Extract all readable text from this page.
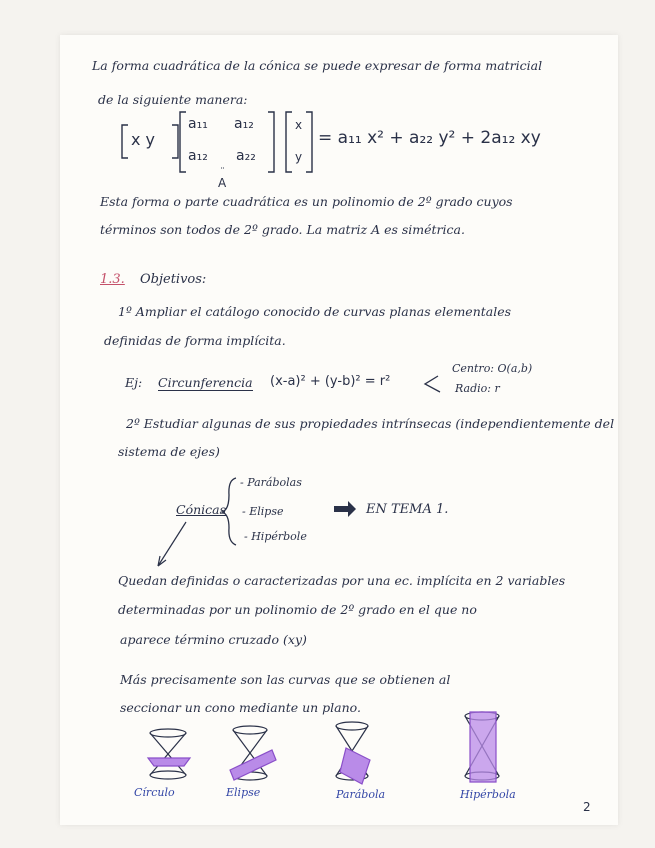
La forma cuadrática de la cónica se puede expresar de forma matricial
de la siguiente manera:
x y
a₁₁ a₁₂
a₁₂ a₂₂
x
y
A
¨
= a₁₁ x² + a₂₂ y² + 2a₁₂ xy
Esta forma o parte cuadrática es un polinomio de 2º grado cuyos
términos son todos de 2º grado. La matriz A es simétrica.
1.3. Objetivos:
1º Ampliar el catálogo conocido de curvas planas elementales
definidas de forma implícita.
Ej: Circunferencia (x-a)² + (y-b)² = r²
Centro: O(a,b)
Radio: r
2º Estudiar algunas de sus propiedades intrínsecas (independientemente del
sistema de ejes)
Cónicas
- Parábolas
- Elipse
- Hipérbole
EN TEMA 1.
Quedan definidas o caracterizadas por una ec. implícita en 2 variables
determinadas por un polinomio de 2º grado en el que no
aparece término cruzado (xy)
Más precisamente son las curvas que se obtienen al
seccionar un cono mediante un plano.
Círculo	Elipse	Parábola	Hipérbola
2
